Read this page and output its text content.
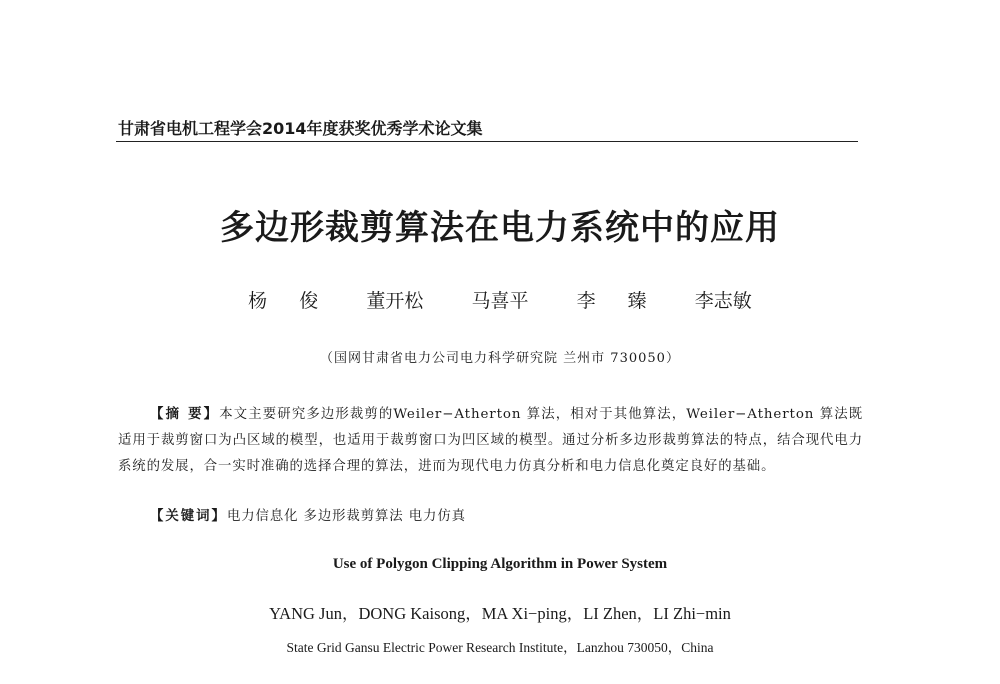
甘肃省电机工程学会2014年度获奖优秀学术论文集
多边形裁剪算法在电力系统中的应用
杨  俊   董开松   马喜平   李  臻   李志敏
（国网甘肃省电力公司电力科学研究院 兰州市 730050）
【摘 要】本文主要研究多边形裁剪的Weiler−Atherton 算法，相对于其他算法，Weiler−Atherton 算法既适用于裁剪窗口为凸区域的模型，也适用于裁剪窗口为凹区域的模型。通过分析多边形裁剪算法的特点，结合现代电力系统的发展，合一实时准确的选择合理的算法，进而为现代电力仿真分析和电力信息化奠定良好的基础。
【关键词】电力信息化 多边形裁剪算法 电力仿真
Use of Polygon Clipping Algorithm in Power System
YANG Jun，DONG Kaisong，MA Xi−ping，LI Zhen，LI Zhi−min
State Grid Gansu Electric Power Research Institute，Lanzhou 730050，China
